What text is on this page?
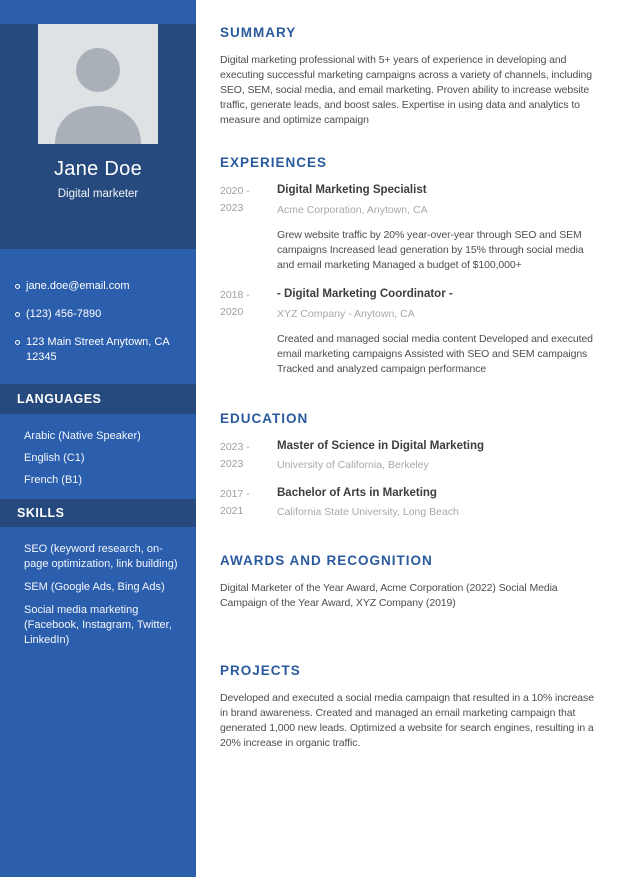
Jane Doe
Digital marketer
jane.doe@email.com
(123) 456-7890
123 Main Street Anytown, CA 12345
LANGUAGES
Arabic (Native Speaker)
English (C1)
French (B1)
SKILLS
SEO (keyword research, on-page optimization, link building)
SEM (Google Ads, Bing Ads)
Social media marketing (Facebook, Instagram, Twitter, LinkedIn)
SUMMARY

Digital marketing professional with 5+ years of experience in developing and executing successful marketing campaigns across a variety of channels, including SEO, SEM, social media, and email marketing. Proven ability to increase website traffic, generate leads, and boost sales. Expertise in using data and analytics to measure and optimize campaign

EXPERIENCES
2020 -
2023
Digital Marketing Specialist
Acme Corporation, Anytown, CA

Grew website traffic by 20% year-over-year through SEO and SEM campaigns Increased lead generation by 15% through social media and email marketing Managed a budget of $100,000+

2018 -
2020
- Digital Marketing Coordinator -
XYZ Company - Anytown, CA

Created and managed social media content Developed and executed email marketing campaigns Assisted with SEO and SEM campaigns Tracked and analyzed campaign performance

EDUCATION
2023 -
2023
Master of Science in Digital Marketing
University of California, Berkeley
2017 -
2021
Bachelor of Arts in Marketing
California State University, Long Beach
AWARDS AND RECOGNITION

Digital Marketer of the Year Award, Acme Corporation (2022) Social Media Campaign of the Year Award, XYZ Company (2019)

PROJECTS

Developed and executed a social media campaign that resulted in a 10% increase in brand awareness. Created and managed an email marketing campaign that generated 1,000 new leads. Optimized a website for search engines, resulting in a 20% increase in organic traffic.
